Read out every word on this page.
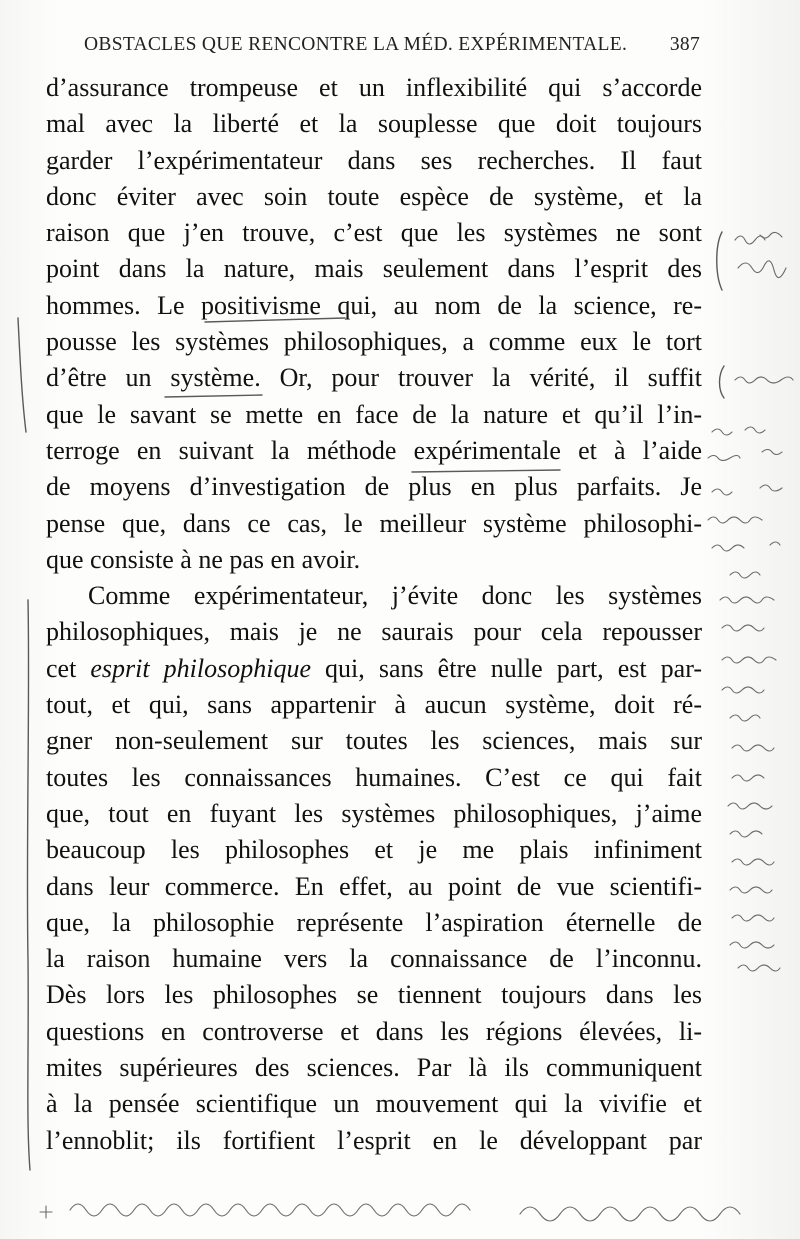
OBSTACLES QUE RENCONTRE LA MÉD. EXPÉRIMENTALE. 387
d’assurance trompeuse et un inflexibilité qui s’accorde
mal avec la liberté et la souplesse que doit toujours
garder l’expérimentateur dans ses recherches. Il faut
donc éviter avec soin toute espèce de système, et la
raison que j’en trouve, c’est que les systèmes ne sont
point dans la nature, mais seulement dans l’esprit des
hommes. Le positivisme qui, au nom de la science, re-
pousse les systèmes philosophiques, a comme eux le tort
d’être un système. Or, pour trouver la vérité, il suffit
que le savant se mette en face de la nature et qu’il l’in-
terroge en suivant la méthode expérimentale et à l’aide
de moyens d’investigation de plus en plus parfaits. Je
pense que, dans ce cas, le meilleur système philosophi-
que consiste à ne pas en avoir.
Comme expérimentateur, j’évite donc les systèmes
philosophiques, mais je ne saurais pour cela repousser
cet esprit philosophique qui, sans être nulle part, est par-
tout, et qui, sans appartenir à aucun système, doit ré-
gner non-seulement sur toutes les sciences, mais sur
toutes les connaissances humaines. C’est ce qui fait
que, tout en fuyant les systèmes philosophiques, j’aime
beaucoup les philosophes et je me plais infiniment
dans leur commerce. En effet, au point de vue scientifi-
que, la philosophie représente l’aspiration éternelle de
la raison humaine vers la connaissance de l’inconnu.
Dès lors les philosophes se tiennent toujours dans les
questions en controverse et dans les régions élevées, li-
mites supérieures des sciences. Par là ils communiquent
à la pensée scientifique un mouvement qui la vivifie et
l’ennoblit; ils fortifient l’esprit en le développant par
